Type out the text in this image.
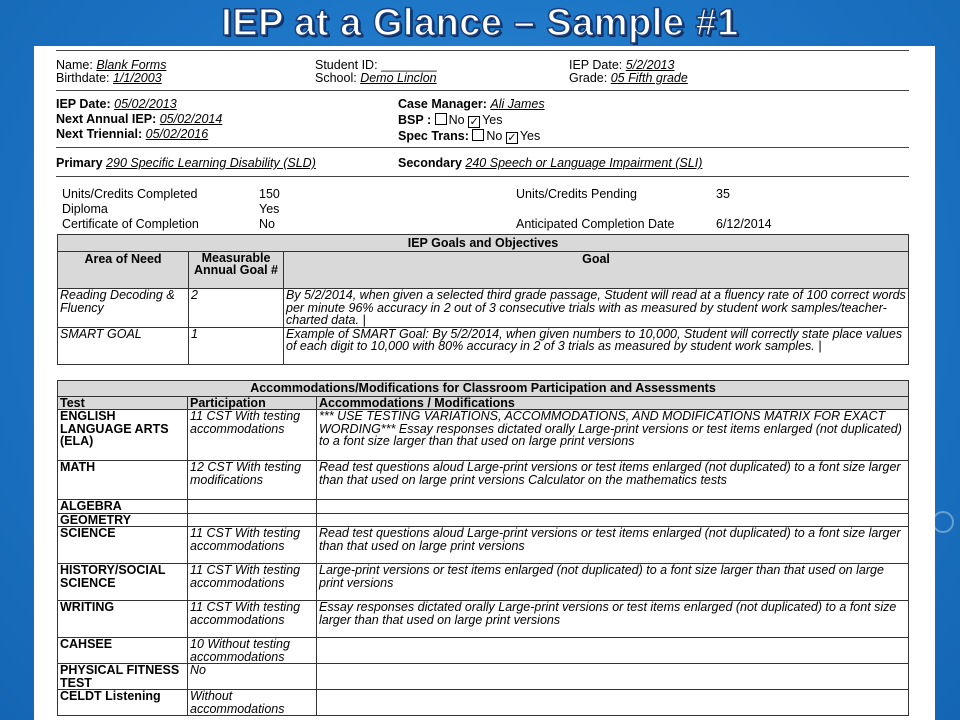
IEP at a Glance – Sample #1
Name: Blank Forms
Birthdate: 1/1/2003
Student ID: ________
School: Demo Linclon
IEP Date: 5/2/2013
Grade: 05 Fifth grade
IEP Date: 05/02/2013
Next Annual IEP: 05/02/2014
Next Triennial: 05/02/2016
Case Manager: Ali James
BSP : No ✓ Yes
Spec Trans: No ✓ Yes
Primary 290 Specific Learning Disability (SLD)	Secondary 240 Speech or Language Impairment (SLI)
Units/Credits Completed	150
Diploma	Yes
Certificate of Completion	No
Units/Credits Pending	35
Anticipated Completion Date	6/12/2014
IEP Goals and Objectives		
Area of Need	Measurable Annual Goal #	Goal
Reading Decoding & Fluency	2	By 5/2/2014, when given a selected third grade passage, Student will read at a fluency rate of 100 correct words per minute 96% accuracy in 2 out of 3 consecutive trials with as measured by student work samples/teacher-charted data. |
SMART GOAL	1	Example of SMART Goal: By 5/2/2014, when given numbers to 10,000, Student will correctly state place values of each digit to 10,000 with 80% accuracy in 2 of 3 trials as measured by student work samples. |
Accommodations/Modifications for Classroom Participation and Assessments		
Test	Participation	Accommodations / Modifications
ENGLISH LANGUAGE ARTS (ELA)	11 CST With testing accommodations	*** USE TESTING VARIATIONS, ACCOMMODATIONS, AND MODIFICATIONS MATRIX FOR EXACT WORDING*** Essay responses dictated orally Large-print versions or test items enlarged (not duplicated) to a font size larger than that used on large print versions
MATH	12 CST With testing modifications	Read test questions aloud Large-print versions or test items enlarged (not duplicated) to a font size larger than that used on large print versions Calculator on the mathematics tests
ALGEBRA		
GEOMETRY		
SCIENCE	11 CST With testing accommodations	Read test questions aloud Large-print versions or test items enlarged (not duplicated) to a font size larger than that used on large print versions
HISTORY/SOCIAL SCIENCE	11 CST With testing accommodations	Large-print versions or test items enlarged (not duplicated) to a font size larger than that used on large print versions
WRITING	11 CST With testing accommodations	Essay responses dictated orally Large-print versions or test items enlarged (not duplicated) to a font size larger than that used on large print versions
CAHSEE	10 Without testing accommodations	
PHYSICAL FITNESS TEST	No	
CELDT Listening	Without accommodations	
